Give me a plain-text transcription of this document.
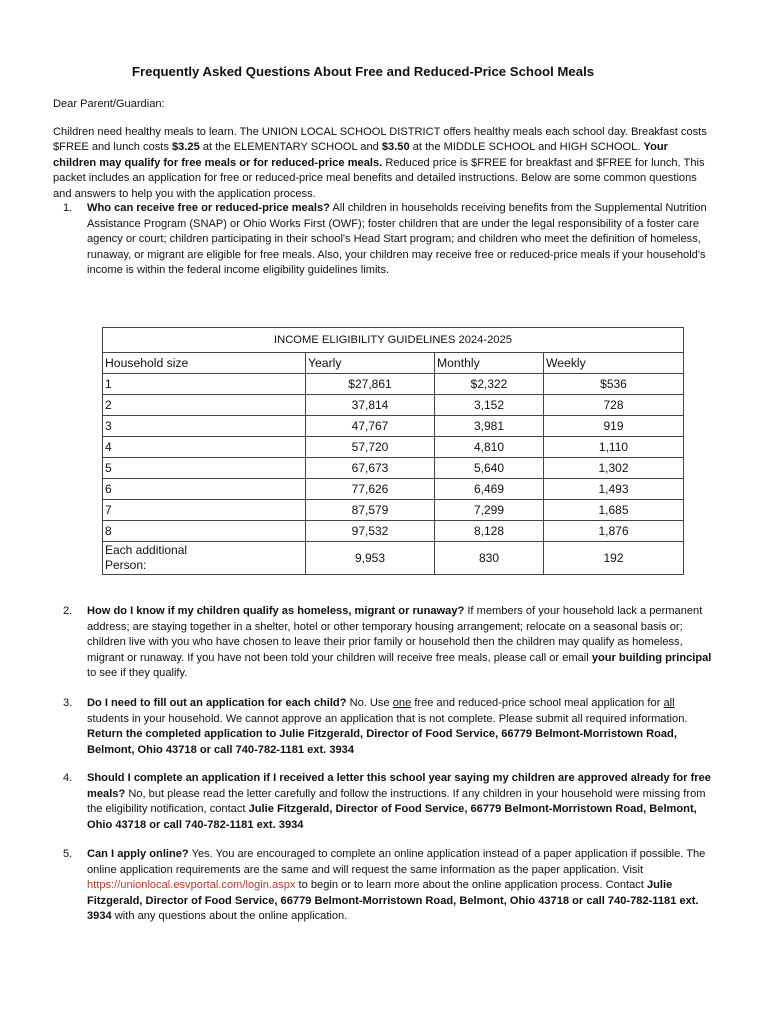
Frequently Asked Questions About Free and Reduced-Price School Meals
Dear Parent/Guardian:
Children need healthy meals to learn. The UNION LOCAL SCHOOL DISTRICT offers healthy meals each school day. Breakfast costs $FREE and lunch costs $3.25 at the ELEMENTARY SCHOOL and $3.50 at the MIDDLE SCHOOL and HIGH SCHOOL. Your children may qualify for free meals or for reduced-price meals. Reduced price is $FREE for breakfast and $FREE for lunch. This packet includes an application for free or reduced-price meal benefits and detailed instructions. Below are some common questions and answers to help you with the application process.
1.	Who can receive free or reduced-price meals? All children in households receiving benefits from the Supplemental Nutrition Assistance Program (SNAP) or Ohio Works First (OWF); foster children that are under the legal responsibility of a foster care agency or court; children participating in their school's Head Start program; and children who meet the definition of homeless, runaway, or migrant are eligible for free meals. Also, your children may receive free or reduced-price meals if your household's income is within the federal income eligibility guidelines limits.
INCOME ELIGIBILITY GUIDELINES 2024-2025			
Household size	Yearly	Monthly	Weekly
1	$27,861	$2,322	$536
2	37,814	3,152	728
3	47,767	3,981	919
4	57,720	4,810	1,110
5	67,673	5,640	1,302
6	77,626	6,469	1,493
7	87,579	7,299	1,685
8	97,532	8,128	1,876
Each additional
Person:	9,953	830	192
2.	How do I know if my children qualify as homeless, migrant or runaway? If members of your household lack a permanent address; are staying together in a shelter, hotel or other temporary housing arrangement; relocate on a seasonal basis or; children live with you who have chosen to leave their prior family or household then the children may qualify as homeless, migrant or runaway. If you have not been told your children will receive free meals, please call or email your building principal to see if they qualify.
3.	Do I need to fill out an application for each child? No. Use one free and reduced-price school meal application for all students in your household. We cannot approve an application that is not complete. Please submit all required information. Return the completed application to Julie Fitzgerald, Director of Food Service, 66779 Belmont-Morristown Road, Belmont, Ohio 43718 or call 740-782-1181 ext. 3934
4.	Should I complete an application if I received a letter this school year saying my children are approved already for free meals? No, but please read the letter carefully and follow the instructions. If any children in your household were missing from the eligibility notification, contact Julie Fitzgerald, Director of Food Service, 66779 Belmont-Morristown Road, Belmont, Ohio 43718 or call 740-782-1181 ext. 3934
5.	Can I apply online? Yes. You are encouraged to complete an online application instead of a paper application if possible. The online application requirements are the same and will request the same information as the paper application. Visit https://unionlocal.esvportal.com/login.aspx to begin or to learn more about the online application process. Contact Julie Fitzgerald, Director of Food Service, 66779 Belmont-Morristown Road, Belmont, Ohio 43718 or call 740-782-1181 ext. 3934 with any questions about the online application.
